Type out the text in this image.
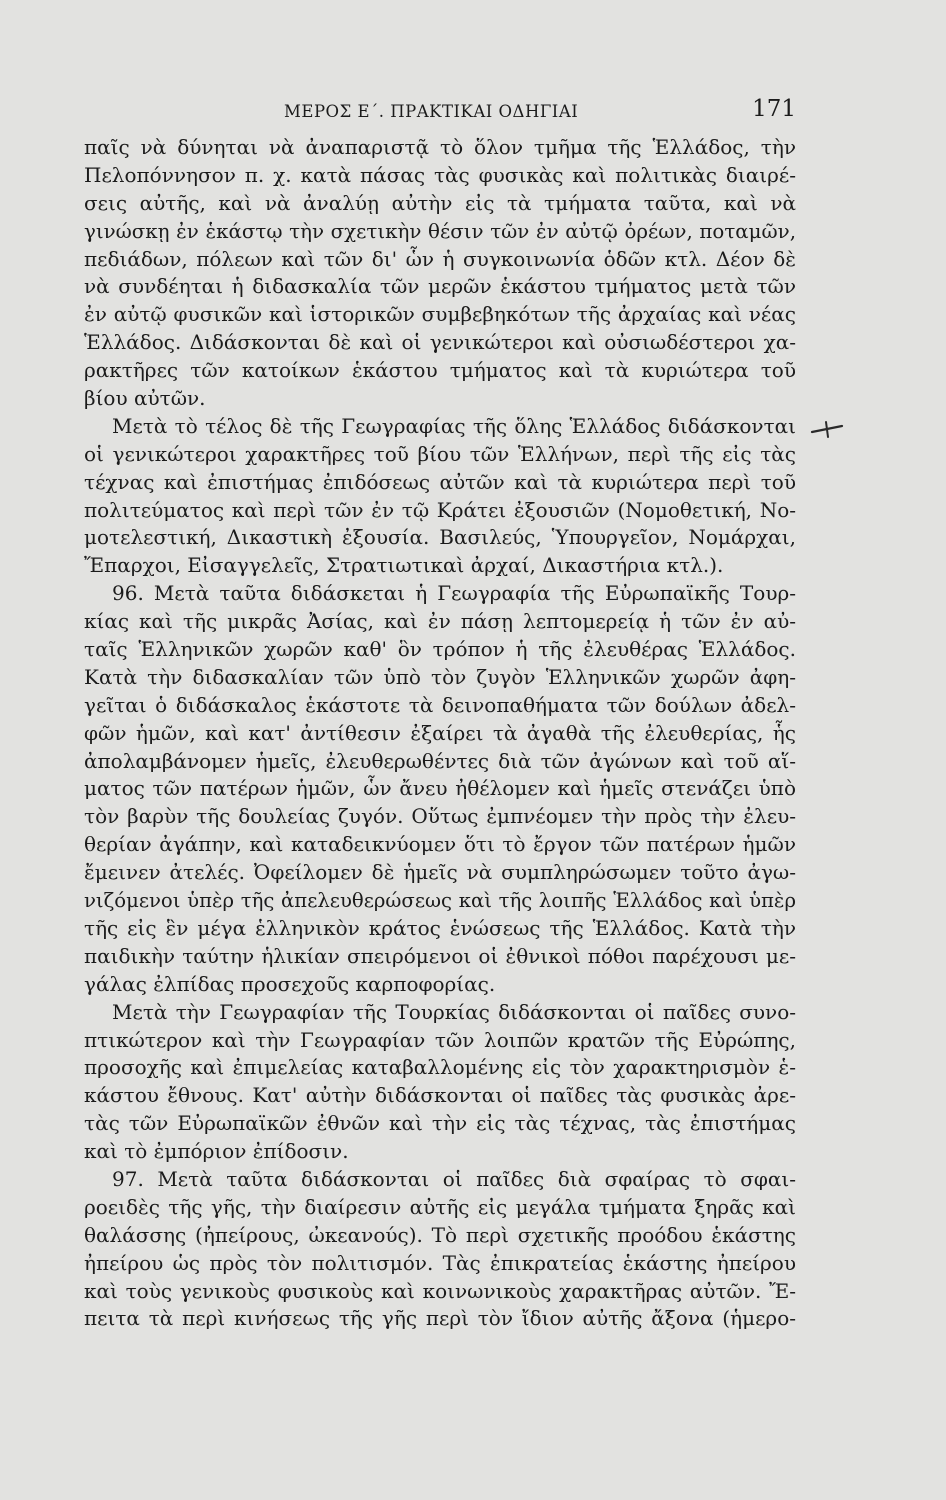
ΜΕΡΟΣ Ε΄. ΠΡΑΚΤΙΚΑΙ ΟΔΗΓΙΑΙ	171
παῖς νὰ δύνηται νὰ ἀναπαριστᾷ τὸ ὅλον τμῆμα τῆς Ἑλλάδος, τὴν
Πελοπόννησον π. χ. κατὰ πάσας τὰς φυσικὰς καὶ πολιτικὰς διαιρέ-
σεις αὐτῆς, καὶ νὰ ἀναλύῃ αὐτὴν εἰς τὰ τμήματα ταῦτα, καὶ νὰ
γινώσκῃ ἐν ἑκάστῳ τὴν σχετικὴν θέσιν τῶν ἐν αὐτῷ ὀρέων, ποταμῶν,
πεδιάδων, πόλεων καὶ τῶν δι' ὧν ἡ συγκοινωνία ὁδῶν κτλ. Δέον δὲ
νὰ συνδέηται ἡ διδασκαλία τῶν μερῶν ἑκάστου τμήματος μετὰ τῶν
ἐν αὐτῷ φυσικῶν καὶ ἱστορικῶν συμβεβηκότων τῆς ἀρχαίας καὶ νέας
Ἑλλάδος. Διδάσκονται δὲ καὶ οἱ γενικώτεροι καὶ οὐσιωδέστεροι χα-
ρακτῆρες τῶν κατοίκων ἑκάστου τμήματος καὶ τὰ κυριώτερα τοῦ
βίου αὐτῶν.
Μετὰ τὸ τέλος δὲ τῆς Γεωγραφίας τῆς ὅλης Ἑλλάδος διδάσκονται
οἱ γενικώτεροι χαρακτῆρες τοῦ βίου τῶν Ἑλλήνων, περὶ τῆς εἰς τὰς
τέχνας καὶ ἐπιστήμας ἐπιδόσεως αὐτῶν καὶ τὰ κυριώτερα περὶ τοῦ
πολιτεύματος καὶ περὶ τῶν ἐν τῷ Κράτει ἐξουσιῶν (Νομοθετική, Νο-
μοτελεστική, Δικαστικὴ ἐξουσία. Βασιλεύς, Ὑπουργεῖον, Νομάρχαι,
Ἔπαρχοι, Εἰσαγγελεῖς, Στρατιωτικαὶ ἀρχαί, Δικαστήρια κτλ.).
96. Μετὰ ταῦτα διδάσκεται ἡ Γεωγραφία τῆς Εὐρωπαϊκῆς Τουρ-
κίας καὶ τῆς μικρᾶς Ἀσίας, καὶ ἐν πάσῃ λεπτομερείᾳ ἡ τῶν ἐν αὐ-
ταῖς Ἑλληνικῶν χωρῶν καθ' ὃν τρόπον ἡ τῆς ἐλευθέρας Ἑλλάδος.
Κατὰ τὴν διδασκαλίαν τῶν ὑπὸ τὸν ζυγὸν Ἑλληνικῶν χωρῶν ἀφη-
γεῖται ὁ διδάσκαλος ἑκάστοτε τὰ δεινοπαθήματα τῶν δούλων ἀδελ-
φῶν ἡμῶν, καὶ κατ' ἀντίθεσιν ἐξαίρει τὰ ἀγαθὰ τῆς ἐλευθερίας, ἧς
ἀπολαμβάνομεν ἡμεῖς, ἐλευθερωθέντες διὰ τῶν ἀγώνων καὶ τοῦ αἵ-
ματος τῶν πατέρων ἡμῶν, ὧν ἄνευ ἠθέλομεν καὶ ἡμεῖς στενάζει ὑπὸ
τὸν βαρὺν τῆς δουλείας ζυγόν. Οὕτως ἐμπνέομεν τὴν πρὸς τὴν ἐλευ-
θερίαν ἀγάπην, καὶ καταδεικνύομεν ὅτι τὸ ἔργον τῶν πατέρων ἡμῶν
ἔμεινεν ἀτελές. Ὀφείλομεν δὲ ἡμεῖς νὰ συμπληρώσωμεν τοῦτο ἀγω-
νιζόμενοι ὑπὲρ τῆς ἀπελευθερώσεως καὶ τῆς λοιπῆς Ἑλλάδος καὶ ὑπὲρ
τῆς εἰς ἓν μέγα ἑλληνικὸν κράτος ἑνώσεως τῆς Ἑλλάδος. Κατὰ τὴν
παιδικὴν ταύτην ἡλικίαν σπειρόμενοι οἱ ἐθνικοὶ πόθοι παρέχουσι με-
γάλας ἐλπίδας προσεχοῦς καρποφορίας.
Μετὰ τὴν Γεωγραφίαν τῆς Τουρκίας διδάσκονται οἱ παῖδες συνο-
πτικώτερον καὶ τὴν Γεωγραφίαν τῶν λοιπῶν κρατῶν τῆς Εὐρώπης,
προσοχῆς καὶ ἐπιμελείας καταβαλλομένης εἰς τὸν χαρακτηρισμὸν ἑ-
κάστου ἔθνους. Κατ' αὐτὴν διδάσκονται οἱ παῖδες τὰς φυσικὰς ἀρε-
τὰς τῶν Εὐρωπαϊκῶν ἐθνῶν καὶ τὴν εἰς τὰς τέχνας, τὰς ἐπιστήμας
καὶ τὸ ἐμπόριον ἐπίδοσιν.
97. Μετὰ ταῦτα διδάσκονται οἱ παῖδες διὰ σφαίρας τὸ σφαι-
ροειδὲς τῆς γῆς, τὴν διαίρεσιν αὐτῆς εἰς μεγάλα τμήματα ξηρᾶς καὶ
θαλάσσης (ἠπείρους, ὠκεανούς). Τὸ περὶ σχετικῆς προόδου ἑκάστης
ἠπείρου ὡς πρὸς τὸν πολιτισμόν. Τὰς ἐπικρατείας ἑκάστης ἠπείρου
καὶ τοὺς γενικοὺς φυσικοὺς καὶ κοινωνικοὺς χαρακτῆρας αὐτῶν. Ἔ-
πειτα τὰ περὶ κινήσεως τῆς γῆς περὶ τὸν ἴδιον αὐτῆς ἄξονα (ἡμερο-
